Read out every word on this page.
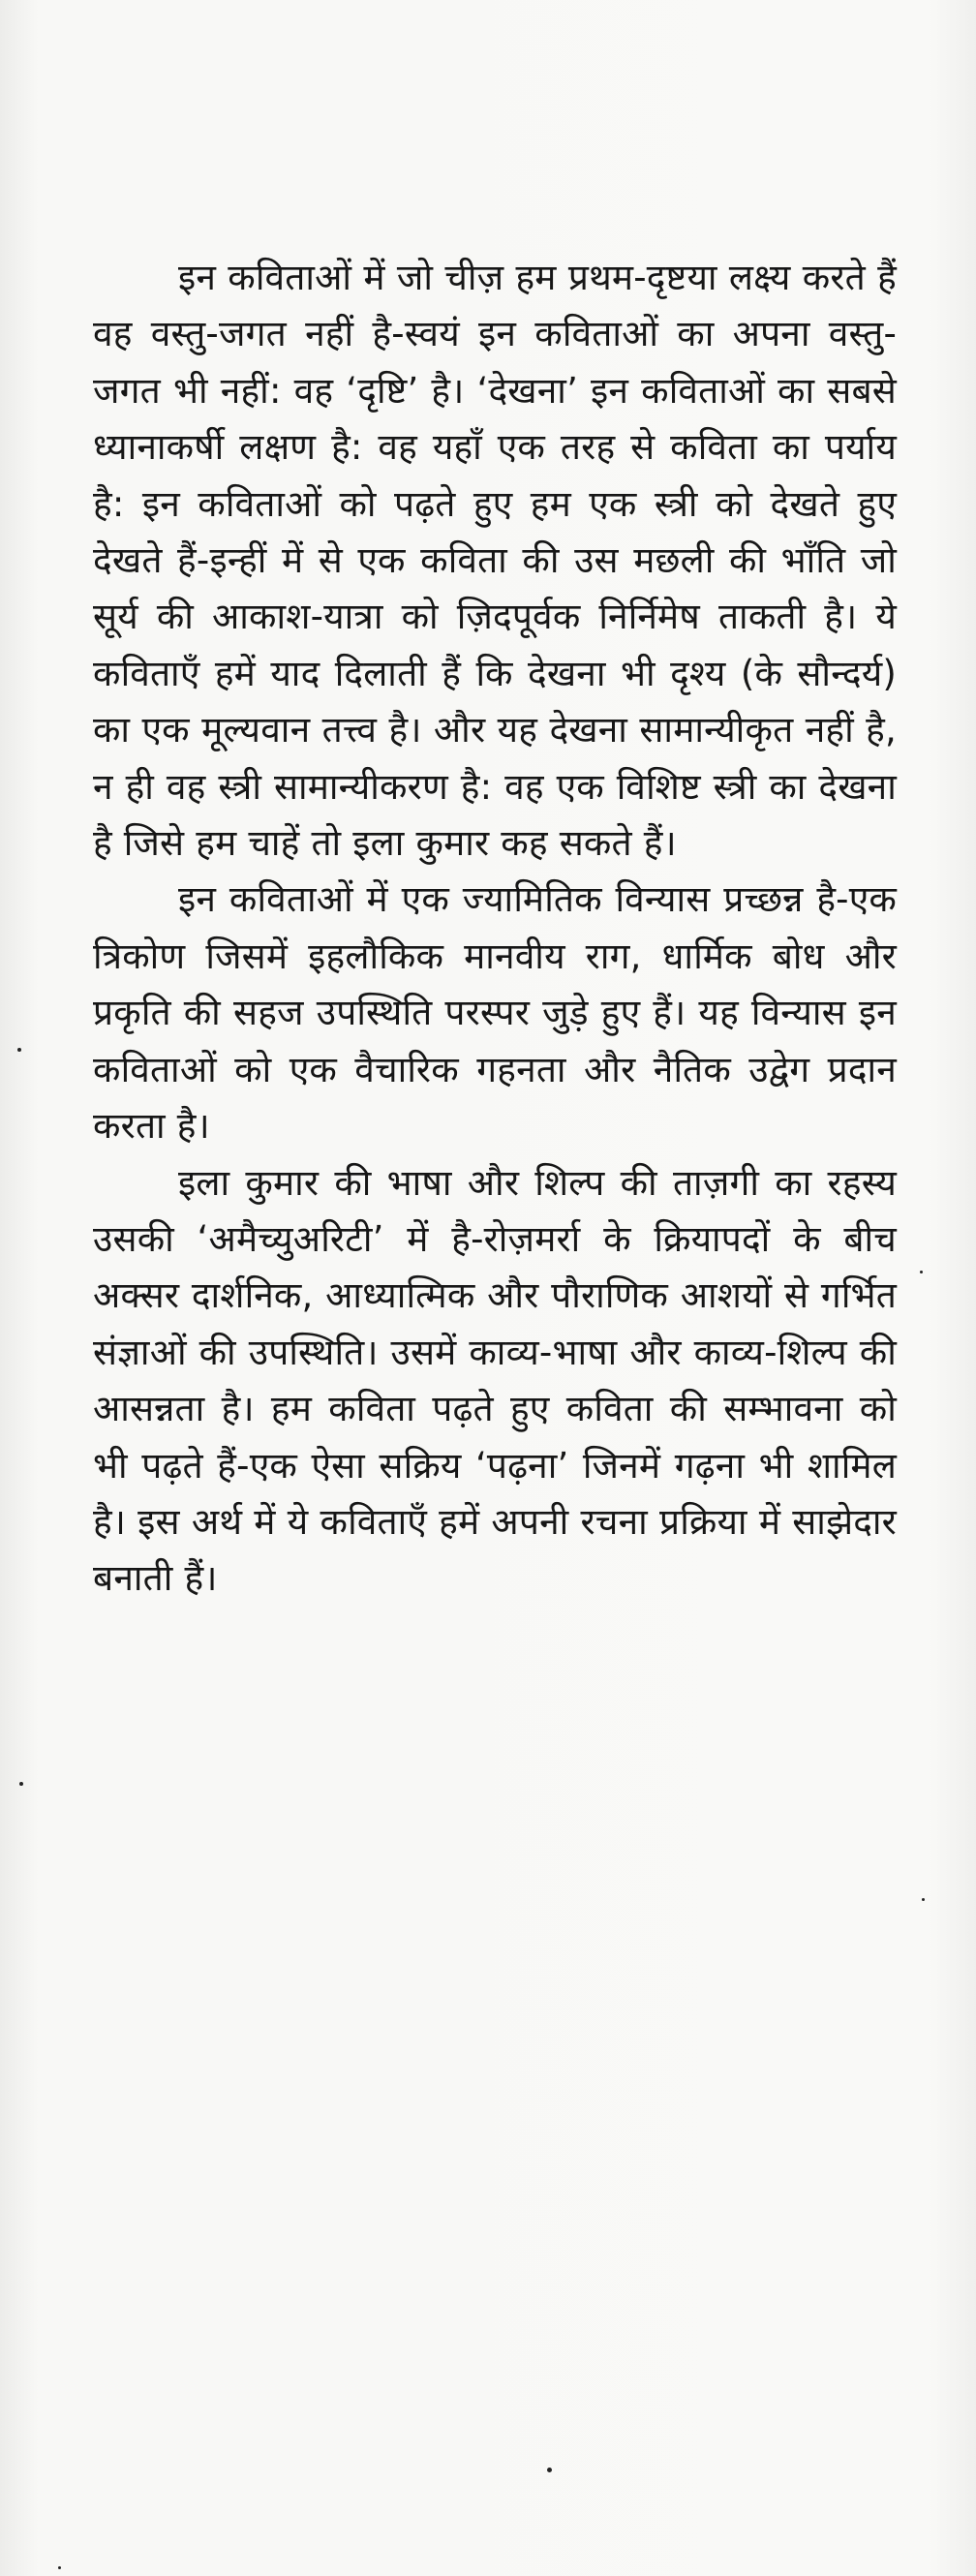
इन कविताओं में जो चीज़ हम प्रथम-दृष्टया लक्ष्य करते हैं वह वस्तु-जगत नहीं है-स्वयं इन कविताओं का अपना वस्तु-जगत भी नहीं: वह ‘दृष्टि’ है। ‘देखना’ इन कविताओं का सबसे ध्यानाकर्षी लक्षण है: वह यहाँ एक तरह से कविता का पर्याय है: इन कविताओं को पढ़ते हुए हम एक स्त्री को देखते हुए देखते हैं-इन्हीं में से एक कविता की उस मछली की भाँति जो सूर्य की आकाश-यात्रा को ज़िदपूर्वक निर्निमेष ताकती है। ये कविताएँ हमें याद दिलाती हैं कि देखना भी दृश्य (के सौन्दर्य) का एक मूल्यवान तत्त्व है। और यह देखना सामान्यीकृत नहीं है, न ही वह स्त्री सामान्यीकरण है: वह एक विशिष्ट स्त्री का देखना है जिसे हम चाहें तो इला कुमार कह सकते हैं।

इन कविताओं में एक ज्यामितिक विन्यास प्रच्छन्न है-एक त्रिकोण जिसमें इहलौकिक मानवीय राग, धार्मिक बोध और प्रकृति की सहज उपस्थिति परस्पर जुड़े हुए हैं। यह विन्यास इन कविताओं को एक वैचारिक गहनता और नैतिक उद्वेग प्रदान करता है।

इला कुमार की भाषा और शिल्प की ताज़गी का रहस्य उसकी ‘अमैच्युअरिटी’ में है-रोज़मर्रा के क्रियापदों के बीच अक्सर दार्शनिक, आध्यात्मिक और पौराणिक आशयों से गर्भित संज्ञाओं की उपस्थिति। उसमें काव्य-भाषा और काव्य-शिल्प की आसन्नता है। हम कविता पढ़ते हुए कविता की सम्भावना को भी पढ़ते हैं-एक ऐसा सक्रिय ‘पढ़ना’ जिनमें गढ़ना भी शामिल है। इस अर्थ में ये कविताएँ हमें अपनी रचना प्रक्रिया में साझेदार बनाती हैं।
